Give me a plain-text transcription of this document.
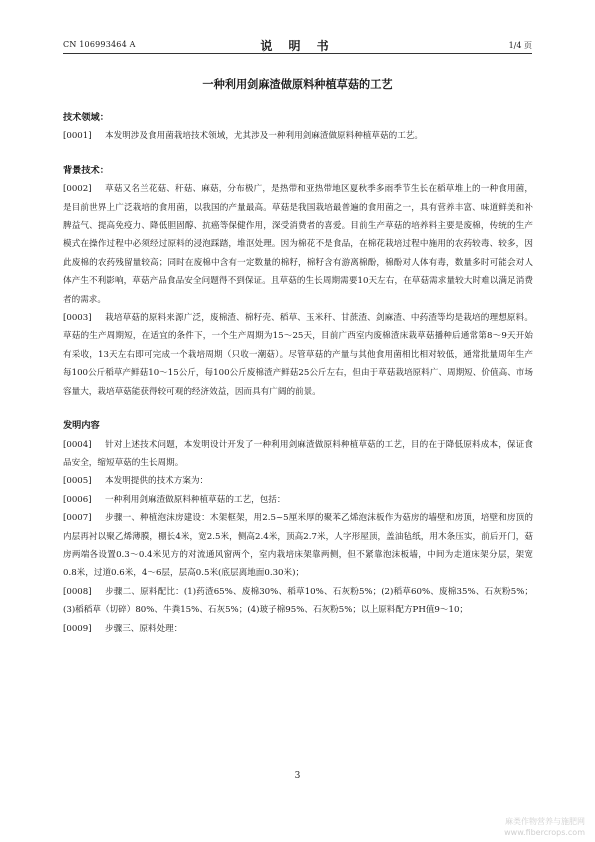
CN 106993464 A	说 明 书	1/4 页
一种利用剑麻渣做原料种植草菇的工艺
技术领域：
[0001] 本发明涉及食用菌栽培技术领域，尤其涉及一种利用剑麻渣做原料种植草菇的工艺。
背景技术：
[0002] 草菇又名兰花菇、秆菇、麻菇，分布极广，是热带和亚热带地区夏秋季多雨季节生长在稻草堆上的一种食用菌，是目前世界上广泛栽培的食用菌，以我国的产量最高。草菇是我国栽培最普遍的食用菌之一，具有营养丰富、味道鲜美和补脾益气、提高免疫力、降低胆固醇、抗癌等保健作用，深受消费者的喜爱。目前生产草菇的培养料主要是废棉，传统的生产模式在操作过程中必须经过原料的浸泡踩踏，堆沤处理。因为棉花不是食品，在棉花栽培过程中施用的农药较毒、较多，因此废棉的农药残留量较高；同时在废棉中含有一定数量的棉籽，棉籽含有游离棉酚，棉酚对人体有毒，数量多时可能会对人体产生不利影响，草菇产品食品安全问题得不到保证。且草菇的生长周期需要10天左右，在草菇需求量较大时难以满足消费者的需求。
[0003] 栽培草菇的原料来源广泛，废棉渣、棉籽壳、稻草、玉米秆、甘蔗渣、剑麻渣、中药渣等均是栽培的理想原料。草菇的生产周期短，在适宜的条件下，一个生产周期为15～25天，目前广西室内废棉渣床栽草菇播种后通常第8～9天开始有采收，13天左右即可完成一个栽培周期（只收一潮菇）。尽管草菇的产量与其他食用菌相比相对较低，通常批量周年生产每100公斤稻草产鲜菇10～15公斤，每100公斤废棉渣产鲜菇25公斤左右，但由于草菇栽培原料广、周期短、价值高、市场容量大，栽培草菇能获得较可观的经济效益，因而具有广阔的前景。
发明内容
[0004] 针对上述技术问题，本发明设计开发了一种利用剑麻渣做原料种植草菇的工艺，目的在于降低原料成本，保证食品安全，缩短草菇的生长周期。
[0005] 本发明提供的技术方案为：
[0006] 一种利用剑麻渣做原料种植草菇的工艺，包括：
[0007] 步骤一、种植泡沫房建设：木架框架，用2.5~5厘米厚的聚苯乙烯泡沫板作为菇房的墙壁和房顶，培壁和房顶的内层再衬以聚乙烯薄膜，棚长4米，宽2.5米，侧高2.4米，顶高2.7米，人字形屋顶，盖油毡纸，用木条压实，前后开门，菇房两端各设置0.3～0.4米见方的对流通风窗两个，室内栽培床架靠两侧，但不紧靠泡沫板墙，中间为走道床架分层，架宽0.8米，过道0.6米，4～6层，层高0.5米(底层离地面0.30米)；
[0008] 步骤二、原料配比：(1)药渣65%、废棉30%、稻草10%、石灰粉5%；(2)稻草60%、废棉35%、石灰粉5%；(3)稻稻草（切碎）80%、牛粪15%、石灰5%；(4)玻子棉95%、石灰粉5%；以上原料配方PH值9～10；
[0009] 步骤三、原料处理：
3
麻类作物营养与施肥网
www.fibercrops.com
